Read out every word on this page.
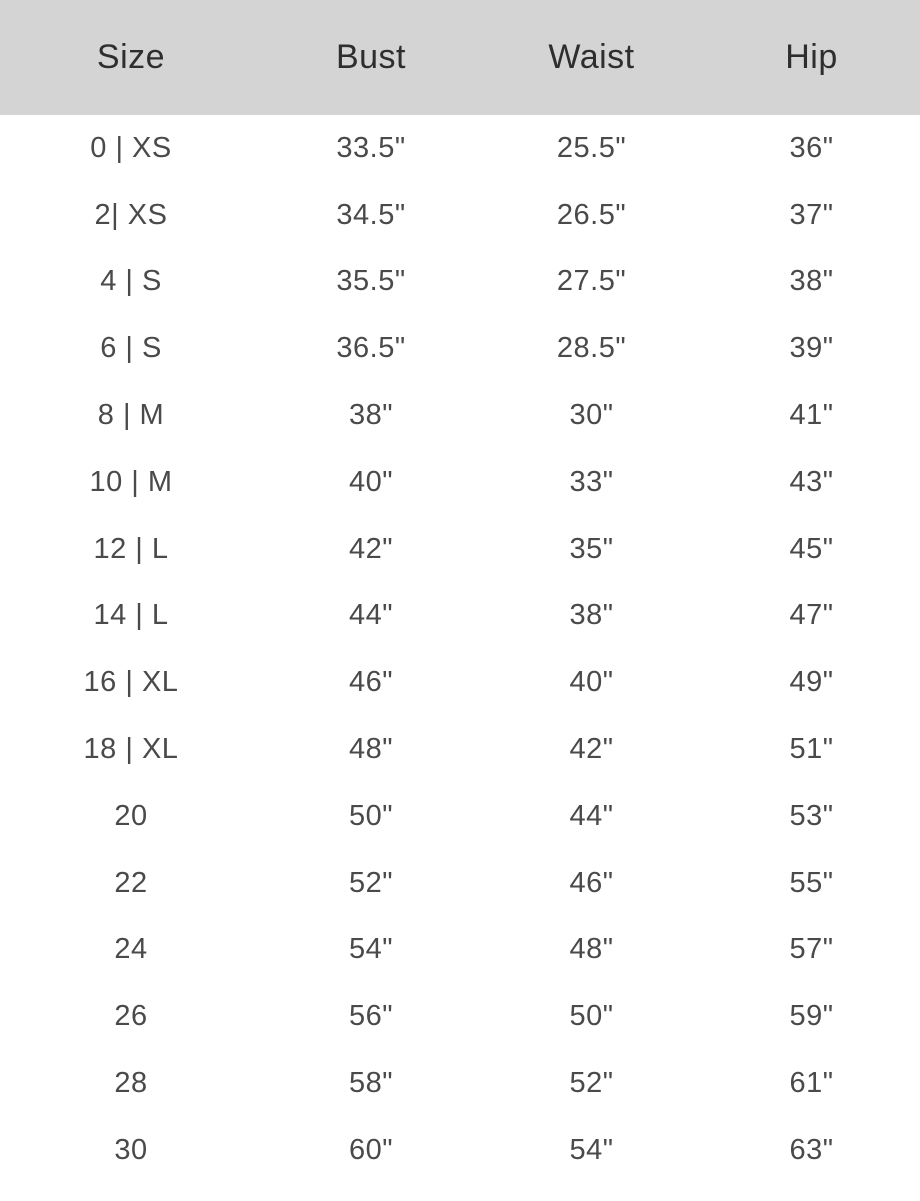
Size	Bust	Waist	Hip
0 | XS	33.5"	25.5"	36"
2| XS	34.5"	26.5"	37"
4 | S	35.5"	27.5"	38"
6 | S	36.5"	28.5"	39"
8 | M	38"	30"	41"
10 | M	40"	33"	43"
12 | L	42"	35"	45"
14 | L	44"	38"	47"
16 | XL	46"	40"	49"
18 | XL	48"	42"	51"
20	50"	44"	53"
22	52"	46"	55"
24	54"	48"	57"
26	56"	50"	59"
28	58"	52"	61"
30	60"	54"	63"
